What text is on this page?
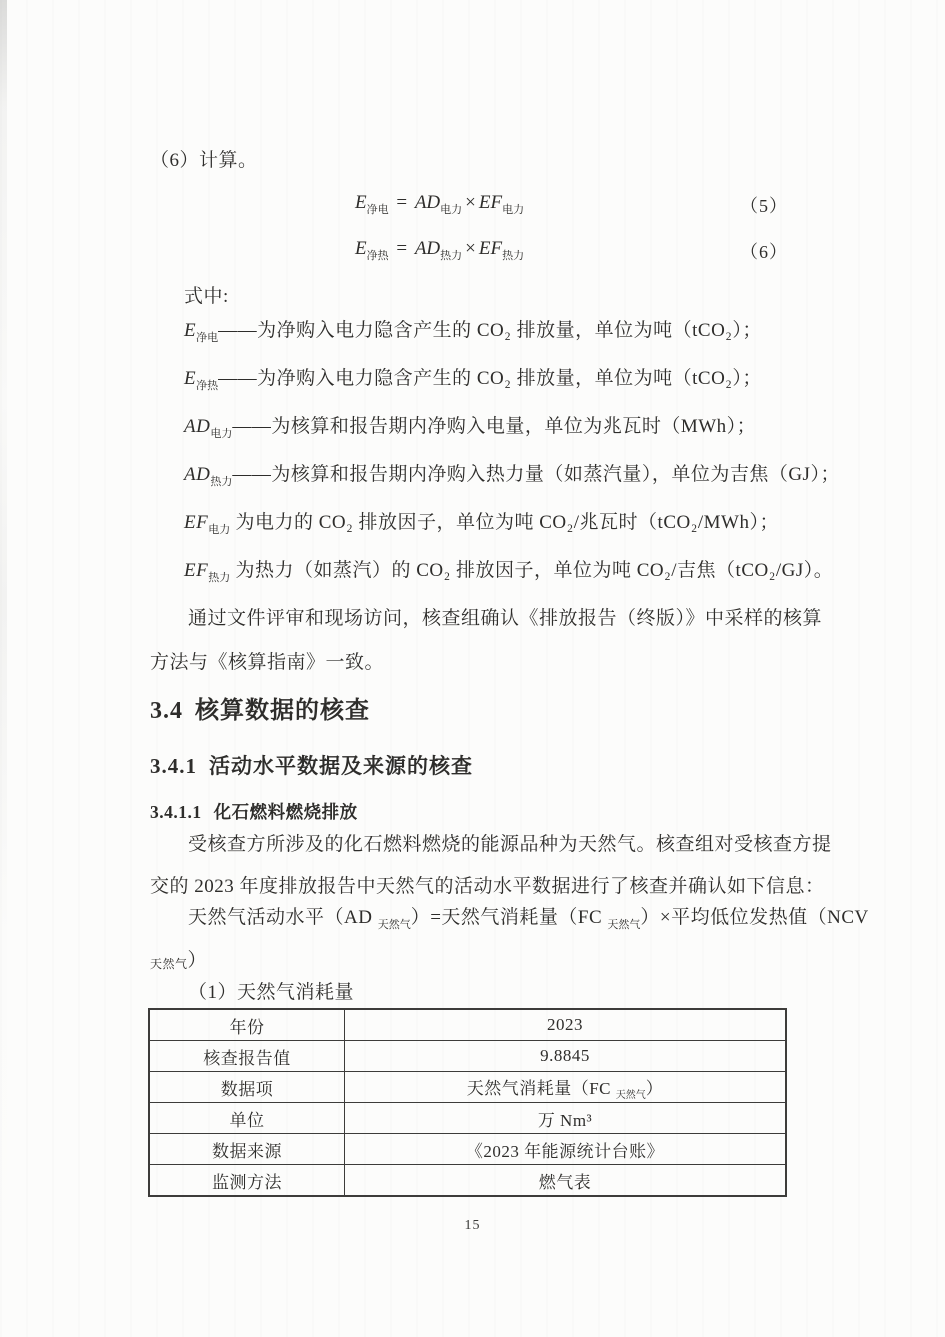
（6）计算。
$E_{净电} = AD_{电力} \times EF_{电力}$	（5）
$E_{净热} = AD_{热力} \times EF_{热力}$	（6）
式中:
$E_{净电}——$为净购入电力隐含产生的 CO₂ 排放量，单位为吨（tCO₂）；
$E_{净热}——$为净购入电力隐含产生的 CO₂ 排放量，单位为吨（tCO₂）；
$AD_{电力}——$为核算和报告期内净购入电量，单位为兆瓦时（MWh）；
$AD_{热力}——$为核算和报告期内净购入热力量（如蒸汽量），单位为吉焦（GJ）；
$EF_{电力}$ 为电力的 CO₂ 排放因子，单位为吨 CO₂/兆瓦时（tCO₂/MWh）；
$EF_{热力}$ 为热力（如蒸汽）的 CO₂ 排放因子，单位为吨 CO₂/吉焦（tCO₂/GJ）。
通过文件评审和现场访问，核查组确认《排放报告（终版）》中采样的核算
方法与《核算指南》一致。
3.4 核算数据的核查
3.4.1 活动水平数据及来源的核查
3.4.1.1 化石燃料燃烧排放
受核查方所涉及的化石燃料燃烧的能源品种为天然气。核查组对受核查方提
交的 2023 年度排放报告中天然气的活动水平数据进行了核查并确认如下信息：
天然气活动水平（AD $_{天然气}$）=天然气消耗量（FC $_{天然气}$）×平均低位发热值（NCV
天然气）
（1）天然气消耗量
年份	2023
核查报告值	9.8845
数据项	天然气消耗量（FC $_{天然气}$）
单位	万 Nm³
数据来源	《2023 年能源统计台账》
监测方法	燃气表
15
